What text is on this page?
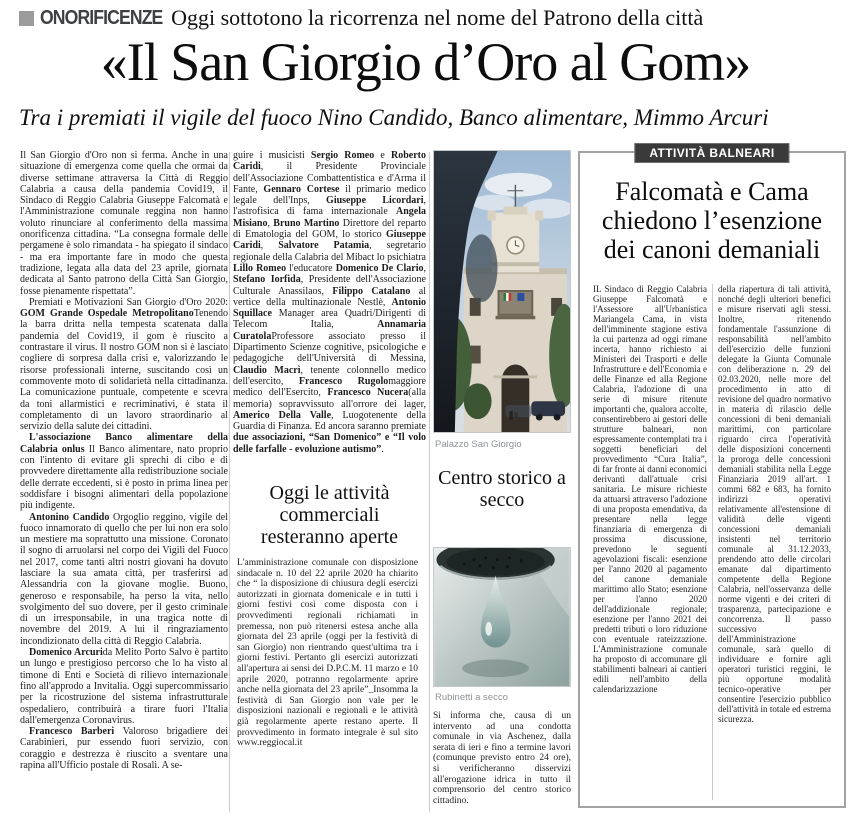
ONORIFICENZE Oggi sottotono la ricorrenza nel nome del Patrono della città
«Il San Giorgio d’Oro al Gom»

Tra i premiati il vigile del fuoco Nino Candido, Banco alimentare, Mimmo Arcuri

Il San Giorgio d'Oro non si ferma. Anche in una situazione di emergenza come quella che ormai da diverse settimane attraversa la Città di Reggio Calabria a causa della pandemia Covid19, il Sindaco di Reggio Calabria Giuseppe Falcomatà e l'Amministrazione comunale reggina non hanno voluto rinunciare al conferimento della massima onorificenza cittadina. “La consegna formale delle pergamene è solo rimandata - ha spiegato il sindaco - ma era importante fare in modo che questa tradizione, legata alla data del 23 aprile, giornata dedicata al Santo patrono della Città San Giorgio, fosse pienamente rispettata”.

Premiati e Motivazioni San Giorgio d'Oro 2020: GOM Grande Ospedale MetropolitanoTenendo la barra dritta nella tempesta scatenata dalla pandemia del Covid19, il gom è riuscito a contrastare il virus. Il nostro GOM non si è lasciato cogliere di sorpresa dalla crisi e, valorizzando le risorse professionali interne, suscitando così un commovente moto di solidarietà nella cittadinanza. La comunicazione puntuale, competente e scevra da toni allarmistici e recriminativi, è stata il completamento di un lavoro straordinario al servizio della salute dei cittadini.

L'associazione Banco alimentare della Calabria onlus Il Banco alimentare, nato proprio con l'intento di evitare gli sprechi di cibo e di provvedere direttamente alla redistribuzione sociale delle derrate eccedenti, si è posto in prima linea per soddisfare i bisogni alimentari della popolazione più indigente.

Antonino Candido Orgoglio reggino, vigile del fuoco innamorato di quello che per lui non era solo un mestiere ma soprattutto una missione. Coronato il sogno di arruolarsi nel corpo dei Vigili del Fuoco nel 2017, come tanti altri nostri giovani ha dovuto lasciare la sua amata città, per trasferirsi ad Alessandria con la giovane moglie. Buono, generoso e responsabile, ha perso la vita, nello svolgimento del suo dovere, per il gesto criminale di un irresponsabile, in una tragica notte di novembre del 2019. A lui il ringraziamento incondizionato della città di Reggio Calabria.

Domenico Arcurida Melito Porto Salvo è partito un lungo e prestigioso percorso che lo ha visto al timone di Enti e Società di rilievo internazionale fino all'approdo a Invitalia. Oggi supercommissario per la ricostruzione del sistema infrastrutturale ospedaliero, contribuirà a tirare fuori l'Italia dall'emergenza Coronavirus.

Francesco Barberi Valoroso brigadiere dei Carabinieri, pur essendo fuori servizio, con coraggio e destrezza è riuscito a sventare una rapina all'Ufficio postale di Rosali. A se-

guire i musicisti Sergio Romeo e Roberto Caridi, il Presidente Provinciale dell'Associazione Combattentistica e d'Arma il Fante, Gennaro Cortese il primario medico legale dell'Inps, Giuseppe Licordari, l'astrofisica di fama internazionale Angela Misiano, Bruno Martino Direttore del reparto di Ematologia del GOM, lo storico Giuseppe Caridi, Salvatore Patamia, segretario regionale della Calabria del Mibact lo psichiatra Lillo Romeo l'educatore Domenico De Clario, Stefano Iorfida, Presidente dell'Associazione Culturale Anassilaos, Filippo Catalano al vertice della multinazionale Nestlè, Antonio Squillace Manager area Quadri/Dirigenti di Telecom Italia, Annamaria CuratolaProfessore associato presso il Dipartimento Scienze cognitive, psicologiche e pedagogiche dell'Università di Messina, Claudio Macrì, tenente colonnello medico dell'esercito, Francesco Rugolomaggiore medico dell'Esercito, Francesco Nucera(alla memoria) sopravvissuto all'orrore dei lager, Americo Della Valle, Luogotenente della Guardia di Finanza. Ed ancora saranno premiate due associazioni, “San Domenico” e “Il volo delle farfalle - evoluzione autismo”.

Oggi le attività commerciali resteranno aperte

L'amministrazione comunale con disposizione sindacale n. 10 del 22 aprile 2020 ha chiarito che “ la disposizione di chiusura degli esercizi autorizzati in giornata domenicale e in tutti i giorni festivi così come disposta con i provvedimenti regionali richiamati in premessa, non può ritenersi estesa anche alla giornata del 23 aprile (oggi per la festività di san Giorgio) non rientrando quest'ultima tra i giorni festivi. Pertanto gli esercizi autorizzati all'apertura ai sensi dei D.P.C.M. 11 marzo e 10 aprile 2020, potranno regolarmente aprire anche nella giornata del 23 aprile”_Insomma la festività di San Giorgio non vale per le disposizioni nazionali e regionali e le attività già regolarmente aperte restano aperte. Il provvedimento in formato integrale è sul sito www.reggiocal.it

Palazzo San Giorgio

Centro storico a secco

Rubinetti a secco

Si informa che, causa di un intervento ad una condotta comunale in via Aschenez, dalla serata di ieri e fino a termine lavori (comunque previsto entro 24 ore), si verificheranno disservizi all'erogazione idrica in tutto il comprensorio del centro storico cittadino.

ATTIVITÀ BALNEARI
Falcomatà e Cama chiedono l’esenzione dei canoni demaniali
IL Sindaco di Reggio Calabria Giuseppe Falcomatà e l'Assessore all'Urbanistica Mariangela Cama, in vista dell'imminente stagione estiva la cui partenza ad oggi rimane incerta, hanno richiesto ai Ministeri dei Trasporti e delle Infrastrutture e dell'Economia e delle Finanze ed alla Regione Calabria, l'adozione di una serie di misure ritenute importanti che, qualora accolte, consentirebbero ai gestori delle strutture balneari, non espressamente contemplati tra i soggetti beneficiari del provvedimento “Cura Italia”, di far fronte ai danni economici derivanti dall'attuale crisi sanitaria. Le misure richieste da attuarsi attraverso l'adozione di una proposta emendativa, da presentare nella legge finanziaria di emergenza di prossima discussione, prevedono le seguenti agevolazioni fiscali: esenzione per l'anno 2020 al pagamento del canone demaniale marittimo allo Stato; esenzione per l'anno 2020 dell'addizionale regionale; esenzione per l'anno 2021 dei predetti tributi o loro riduzione con eventuale rateizzazione. L'Amministrazione comunale ha proposto di accomunare gli stabilimenti balneari ai cantieri edili nell'ambito della calendarizzazione
della riapertura di tali attività, nonché degli ulteriori benefici e misure riservati agli stessi. Inoltre, ritenendo fondamentale l'assunzione di responsabilità nell'ambito dell'esercizio delle funzioni delegate la Giunta Comunale con deliberazione n. 29 del 02.03.2020, nelle more del procedimento in atto di revisione del quadro normativo in materia di rilascio delle concessioni di beni demaniali marittimi, con particolare riguardo circa l'operatività delle disposizioni concernenti la proroga delle concessioni demaniali stabilita nella Legge Finanziaria 2019 all'art. 1 commi 682 e 683, ha fornito indirizzi operativi relativamente all'estensione di validità delle vigenti concessioni demaniali insistenti nel territorio comunale al 31.12.2033, prendendo atto delle circolari emanate dal dipartimento competente della Regione Calabria, nell'osservanza delle norme vigenti e dei criteri di trasparenza, partecipazione e concorrenza. Il passo successivo dell'Amministrazione comunale, sarà quello di individuare e fornire agli operatori turistici reggini, le più opportune modalità tecnico-operative per consentire l'esercizio pubblico dell'attività in totale ed estrema sicurezza.
